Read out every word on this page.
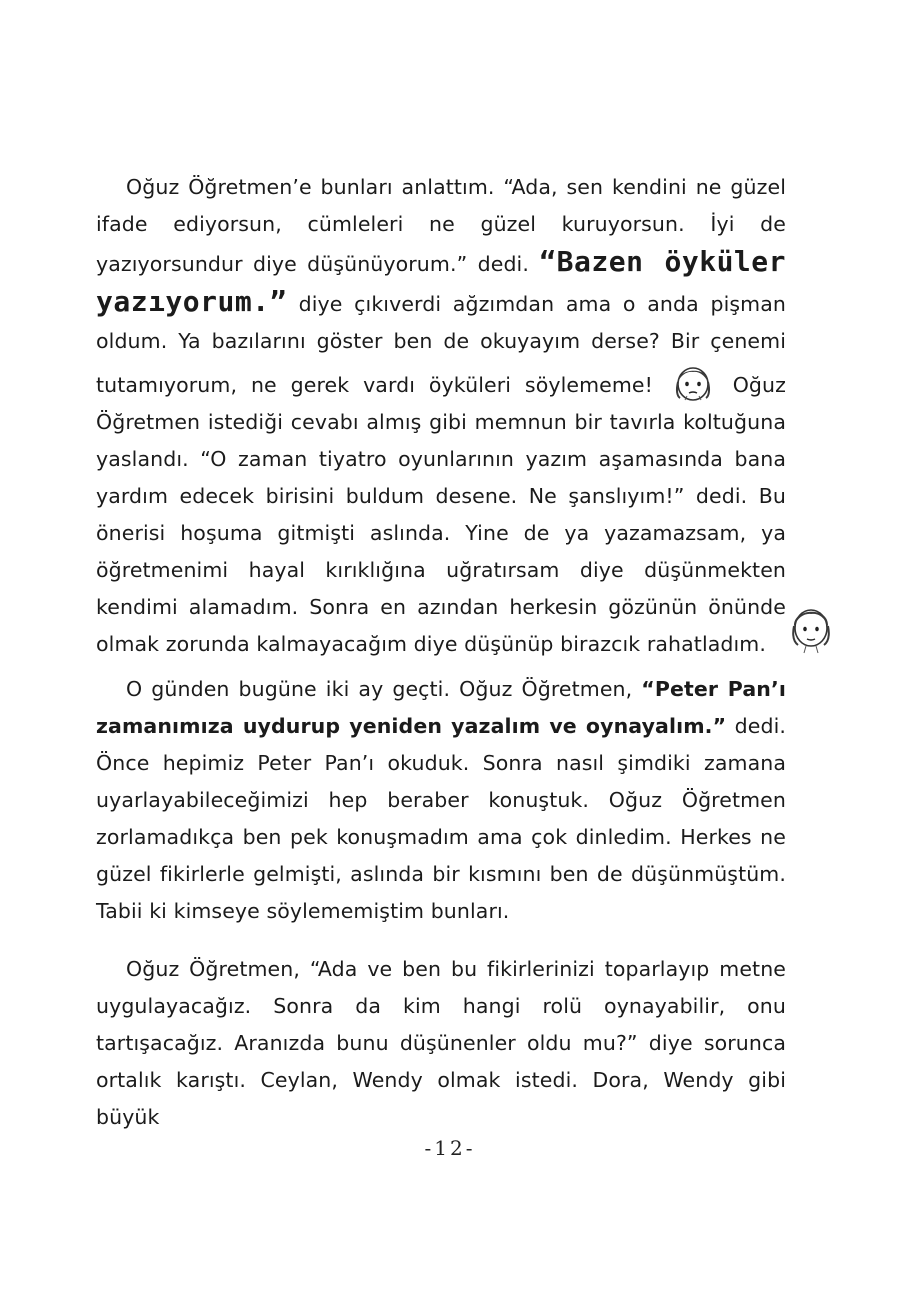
Oğuz Öğretmen’e bunları anlattım. “Ada, sen kendini ne güzel ifade ediyorsun, cümleleri ne güzel kuruyorsun. İyi de yazıyorsundur diye düşünüyorum.” dedi. “Bazen öyküler yazıyorum.” diye çıkıverdi ağzımdan ama o anda pişman oldum. Ya bazılarını göster ben de okuyayım derse? Bir çenemi tutamıyorum, ne gerek vardı öyküleri söylememe!	Oğuz Öğretmen istediği cevabı almış gibi memnun bir tavırla koltuğuna yaslandı. “O zaman tiyatro oyunlarının yazım aşamasında bana yardım edecek birisini buldum desene. Ne şanslıyım!” dedi. Bu önerisi hoşuma gitmişti aslında. Yine de ya yazamazsam, ya öğretmenimi hayal kırıklığına uğratırsam diye düşünmekten kendimi alamadım. Sonra en azından herkesin gözünün önünde olmak zorunda kalmayacağım diye düşünüp birazcık rahatladım.

O günden bugüne iki ay geçti. Oğuz Öğretmen, “Peter Pan’ı zamanımıza uydurup yeniden yazalım ve oynayalım.” dedi. Önce hepimiz Peter Pan’ı okuduk. Sonra nasıl şimdiki zamana uyarlayabileceğimizi hep beraber konuştuk. Oğuz Öğretmen zorlamadıkça ben pek konuşmadım ama çok dinledim. Herkes ne güzel fikirlerle gelmişti, aslında bir kısmını ben de düşünmüştüm. Tabii ki kimseye söylememiştim bunları.

Oğuz Öğretmen, “Ada ve ben bu fikirlerinizi toparlayıp metne uygulayacağız. Sonra da kim hangi rolü oynayabilir, onu tartışacağız. Aranızda bunu düşünenler oldu mu?” diye sorunca ortalık karıştı. Ceylan, Wendy olmak istedi. Dora, Wendy gibi büyük

-12-
